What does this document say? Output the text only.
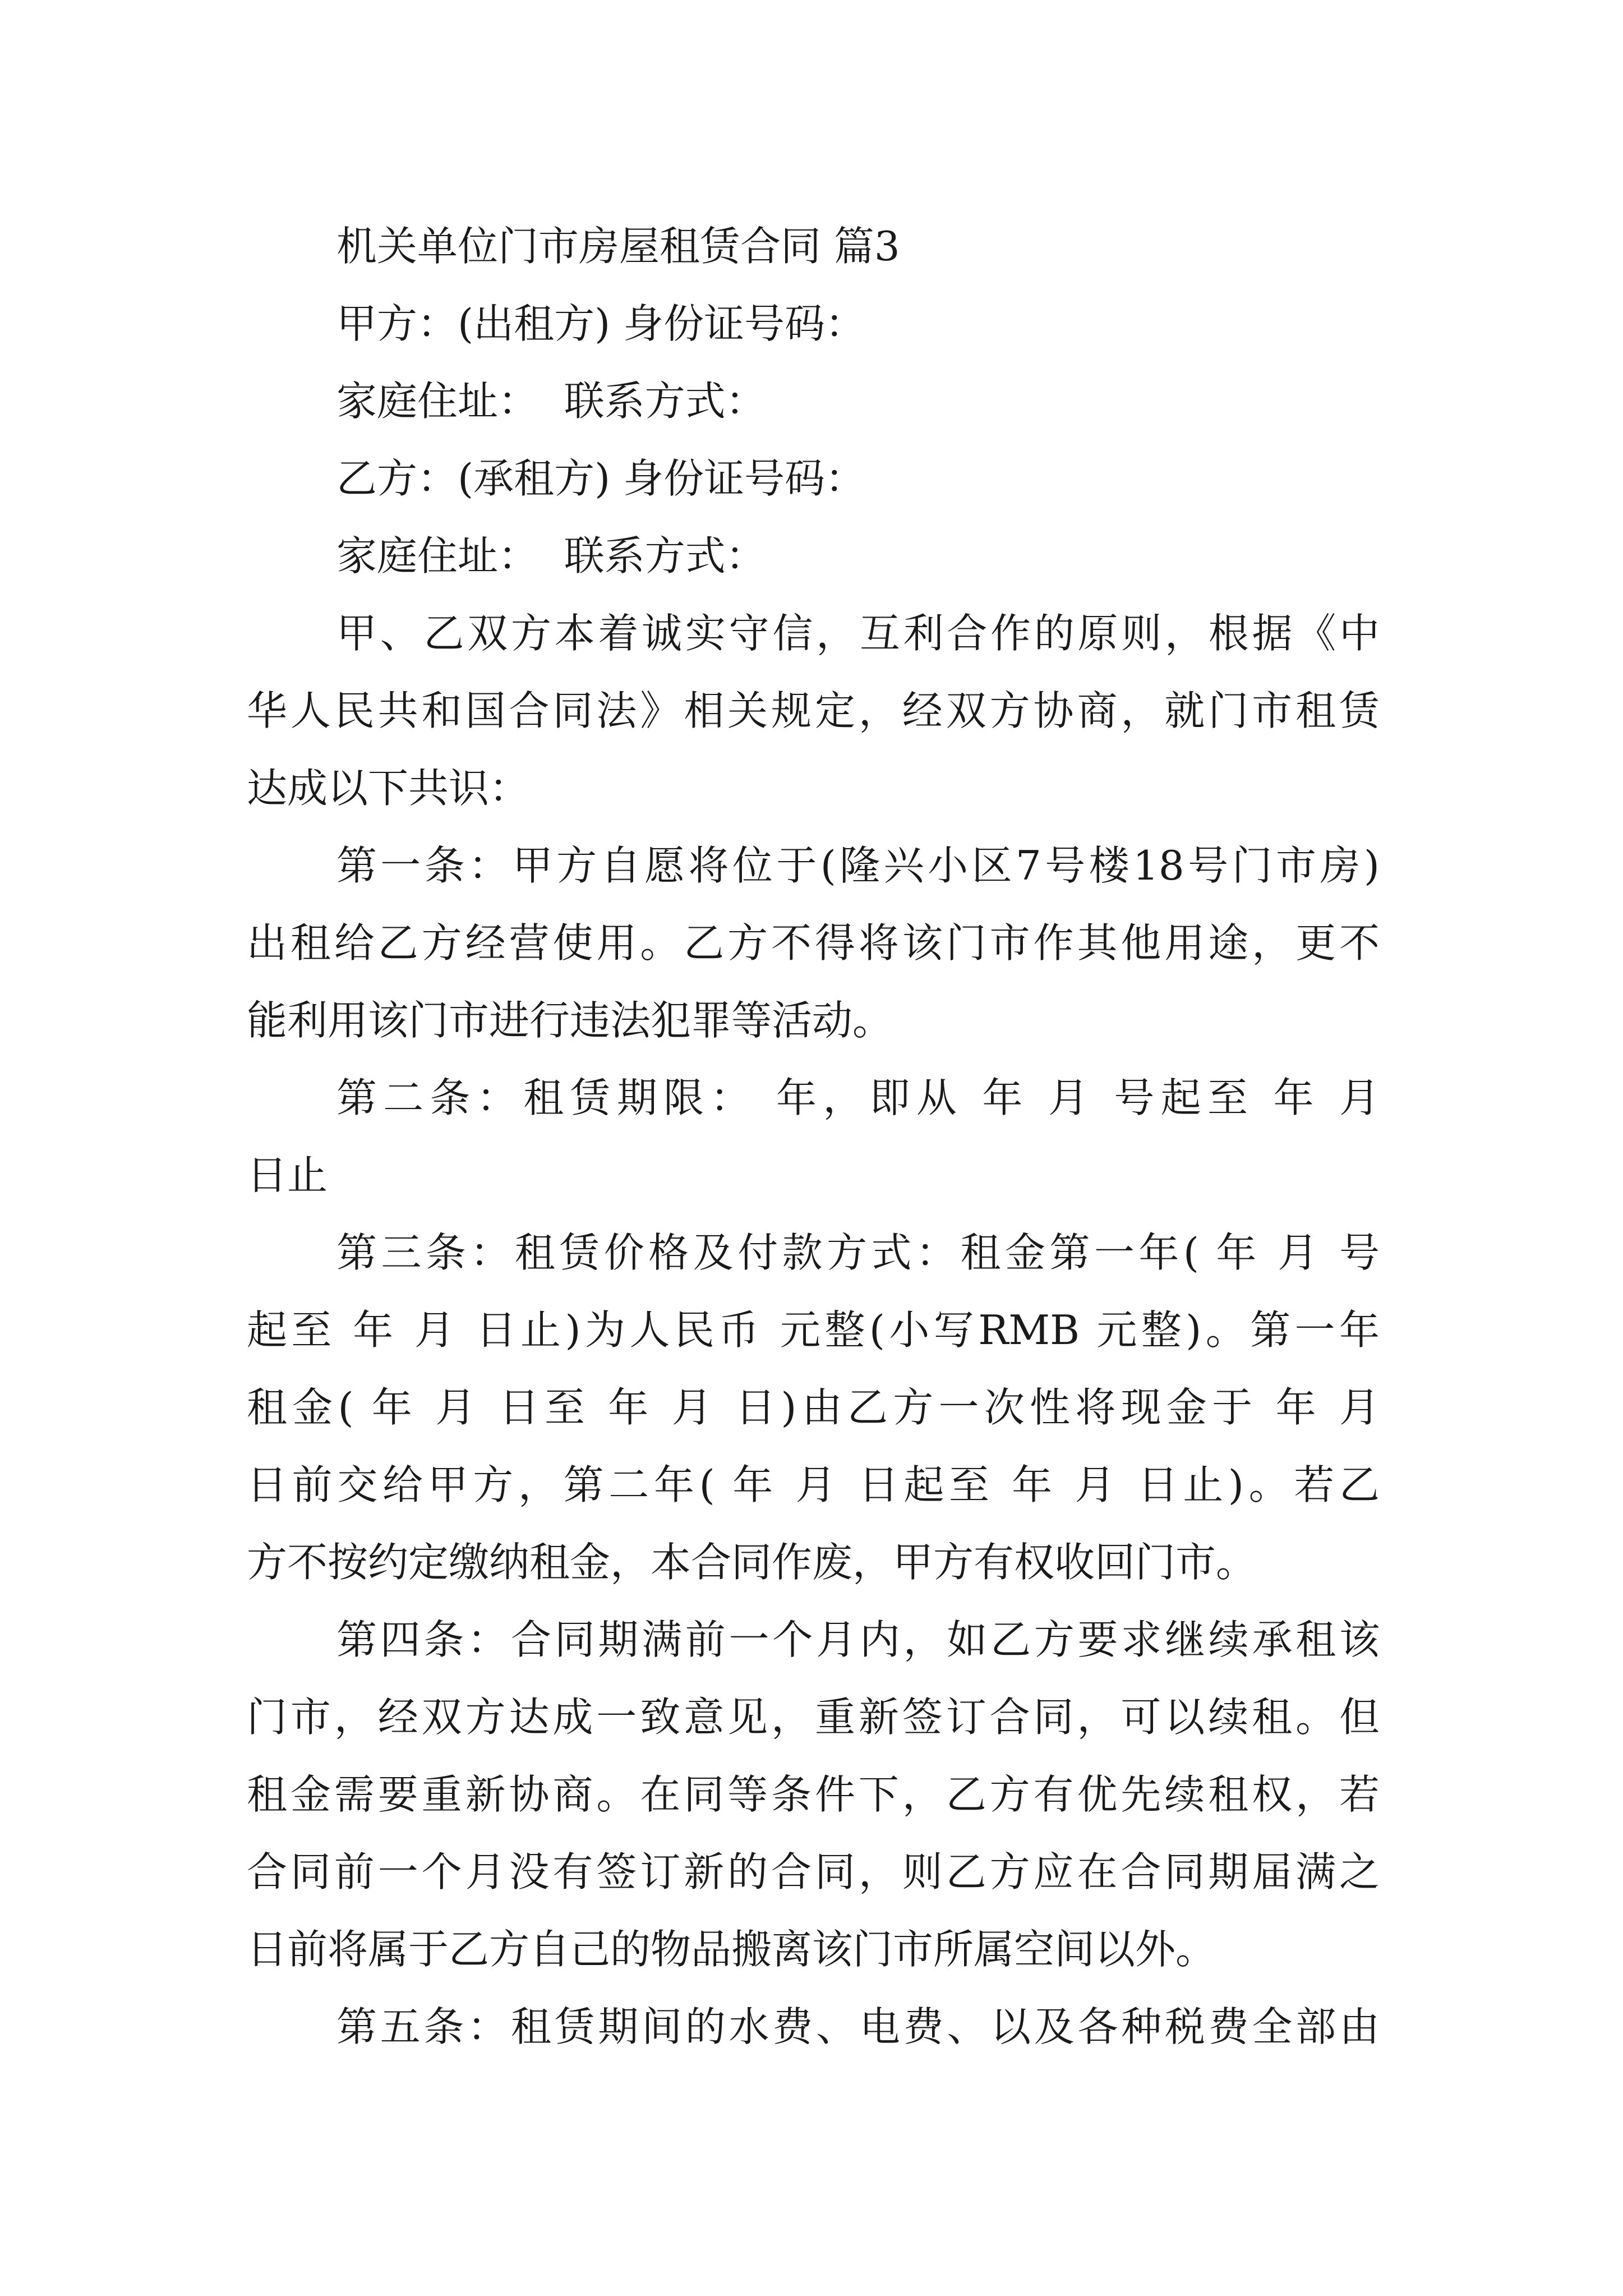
机关单位门市房屋租赁合同 篇3
甲方：(出租方) 身份证号码：
家庭住址：  联系方式：
乙方：(承租方) 身份证号码：
家庭住址：  联系方式：
甲、乙双方本着诚实守信，互利合作的原则，根据《中
华人民共和国合同法》相关规定，经双方协商，就门市租赁
达成以下共识：
第一条：甲方自愿将位于(隆兴小区7号楼18号门市房)
出租给乙方经营使用。乙方不得将该门市作其他用途，更不
能利用该门市进行违法犯罪等活动。
第二条：租赁期限： 年，即从 年 月 号起至 年 月
日止
第三条：租赁价格及付款方式：租金第一年( 年 月 号
起至 年 月 日止)为人民币 元整(小写RMB 元整)。第一年
租金( 年 月 日至 年 月 日)由乙方一次性将现金于 年 月
日前交给甲方，第二年( 年 月 日起至 年 月 日止)。若乙
方不按约定缴纳租金，本合同作废，甲方有权收回门市。
第四条：合同期满前一个月内，如乙方要求继续承租该
门市，经双方达成一致意见，重新签订合同，可以续租。但
租金需要重新协商。在同等条件下，乙方有优先续租权，若
合同前一个月没有签订新的合同，则乙方应在合同期届满之
日前将属于乙方自己的物品搬离该门市所属空间以外。
第五条：租赁期间的水费、电费、以及各种税费全部由
